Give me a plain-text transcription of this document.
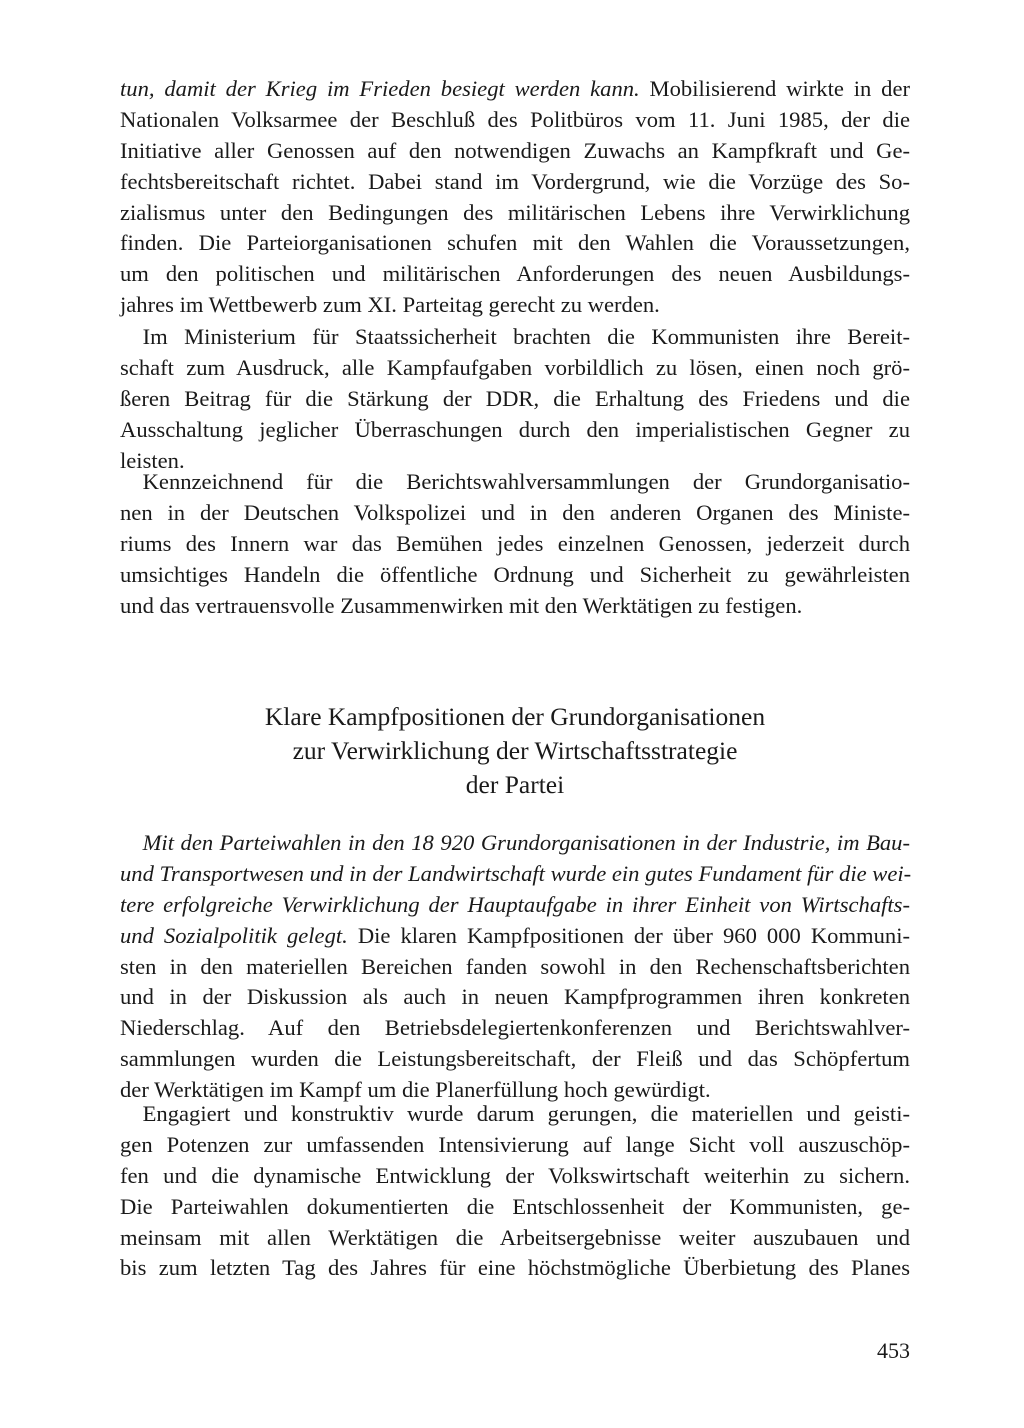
tun, damit der Krieg im Frieden besiegt werden kann. Mobilisierend wirkte in der
Nationalen Volksarmee der Beschluß des Politbüros vom 11. Juni 1985, der die
Initiative aller Genossen auf den notwendigen Zuwachs an Kampfkraft und Ge-
fechtsbereitschaft richtet. Dabei stand im Vordergrund, wie die Vorzüge des So-
zialismus unter den Bedingungen des militärischen Lebens ihre Verwirklichung
finden. Die Parteiorganisationen schufen mit den Wahlen die Voraussetzungen,
um den politischen und militärischen Anforderungen des neuen Ausbildungs-
jahres im Wettbewerb zum XI. Parteitag gerecht zu werden.
 Im Ministerium für Staatssicherheit brachten die Kommunisten ihre Bereit-
schaft zum Ausdruck, alle Kampfaufgaben vorbildlich zu lösen, einen noch grö-
ßeren Beitrag für die Stärkung der DDR, die Erhaltung des Friedens und die
Ausschaltung jeglicher Überraschungen durch den imperialistischen Gegner zu
leisten.
 Kennzeichnend für die Berichtswahlversammlungen der Grundorganisatio-
nen in der Deutschen Volkspolizei und in den anderen Organen des Ministe-
riums des Innern war das Bemühen jedes einzelnen Genossen, jederzeit durch
umsichtiges Handeln die öffentliche Ordnung und Sicherheit zu gewährleisten
und das vertrauensvolle Zusammenwirken mit den Werktätigen zu festigen.
Klare Kampfpositionen der Grundorganisationen
zur Verwirklichung der Wirtschaftsstrategie
der Partei
 Mit den Parteiwahlen in den 18 920 Grundorganisationen in der Industrie, im Bau-
und Transportwesen und in der Landwirtschaft wurde ein gutes Fundament für die wei-
tere erfolgreiche Verwirklichung der Hauptaufgabe in ihrer Einheit von Wirtschafts-
und Sozialpolitik gelegt. Die klaren Kampfpositionen der über 960 000 Kommuni-
sten in den materiellen Bereichen fanden sowohl in den Rechenschaftsberichten
und in der Diskussion als auch in neuen Kampfprogrammen ihren konkreten
Niederschlag. Auf den Betriebsdelegiertenkonferenzen und Berichtswahlver-
sammlungen wurden die Leistungsbereitschaft, der Fleiß und das Schöpfertum
der Werktätigen im Kampf um die Planerfüllung hoch gewürdigt.
 Engagiert und konstruktiv wurde darum gerungen, die materiellen und geisti-
gen Potenzen zur umfassenden Intensivierung auf lange Sicht voll auszuschöp-
fen und die dynamische Entwicklung der Volkswirtschaft weiterhin zu sichern.
Die Parteiwahlen dokumentierten die Entschlossenheit der Kommunisten, ge-
meinsam mit allen Werktätigen die Arbeitsergebnisse weiter auszubauen und
bis zum letzten Tag des Jahres für eine höchstmögliche Überbietung des Planes
453
